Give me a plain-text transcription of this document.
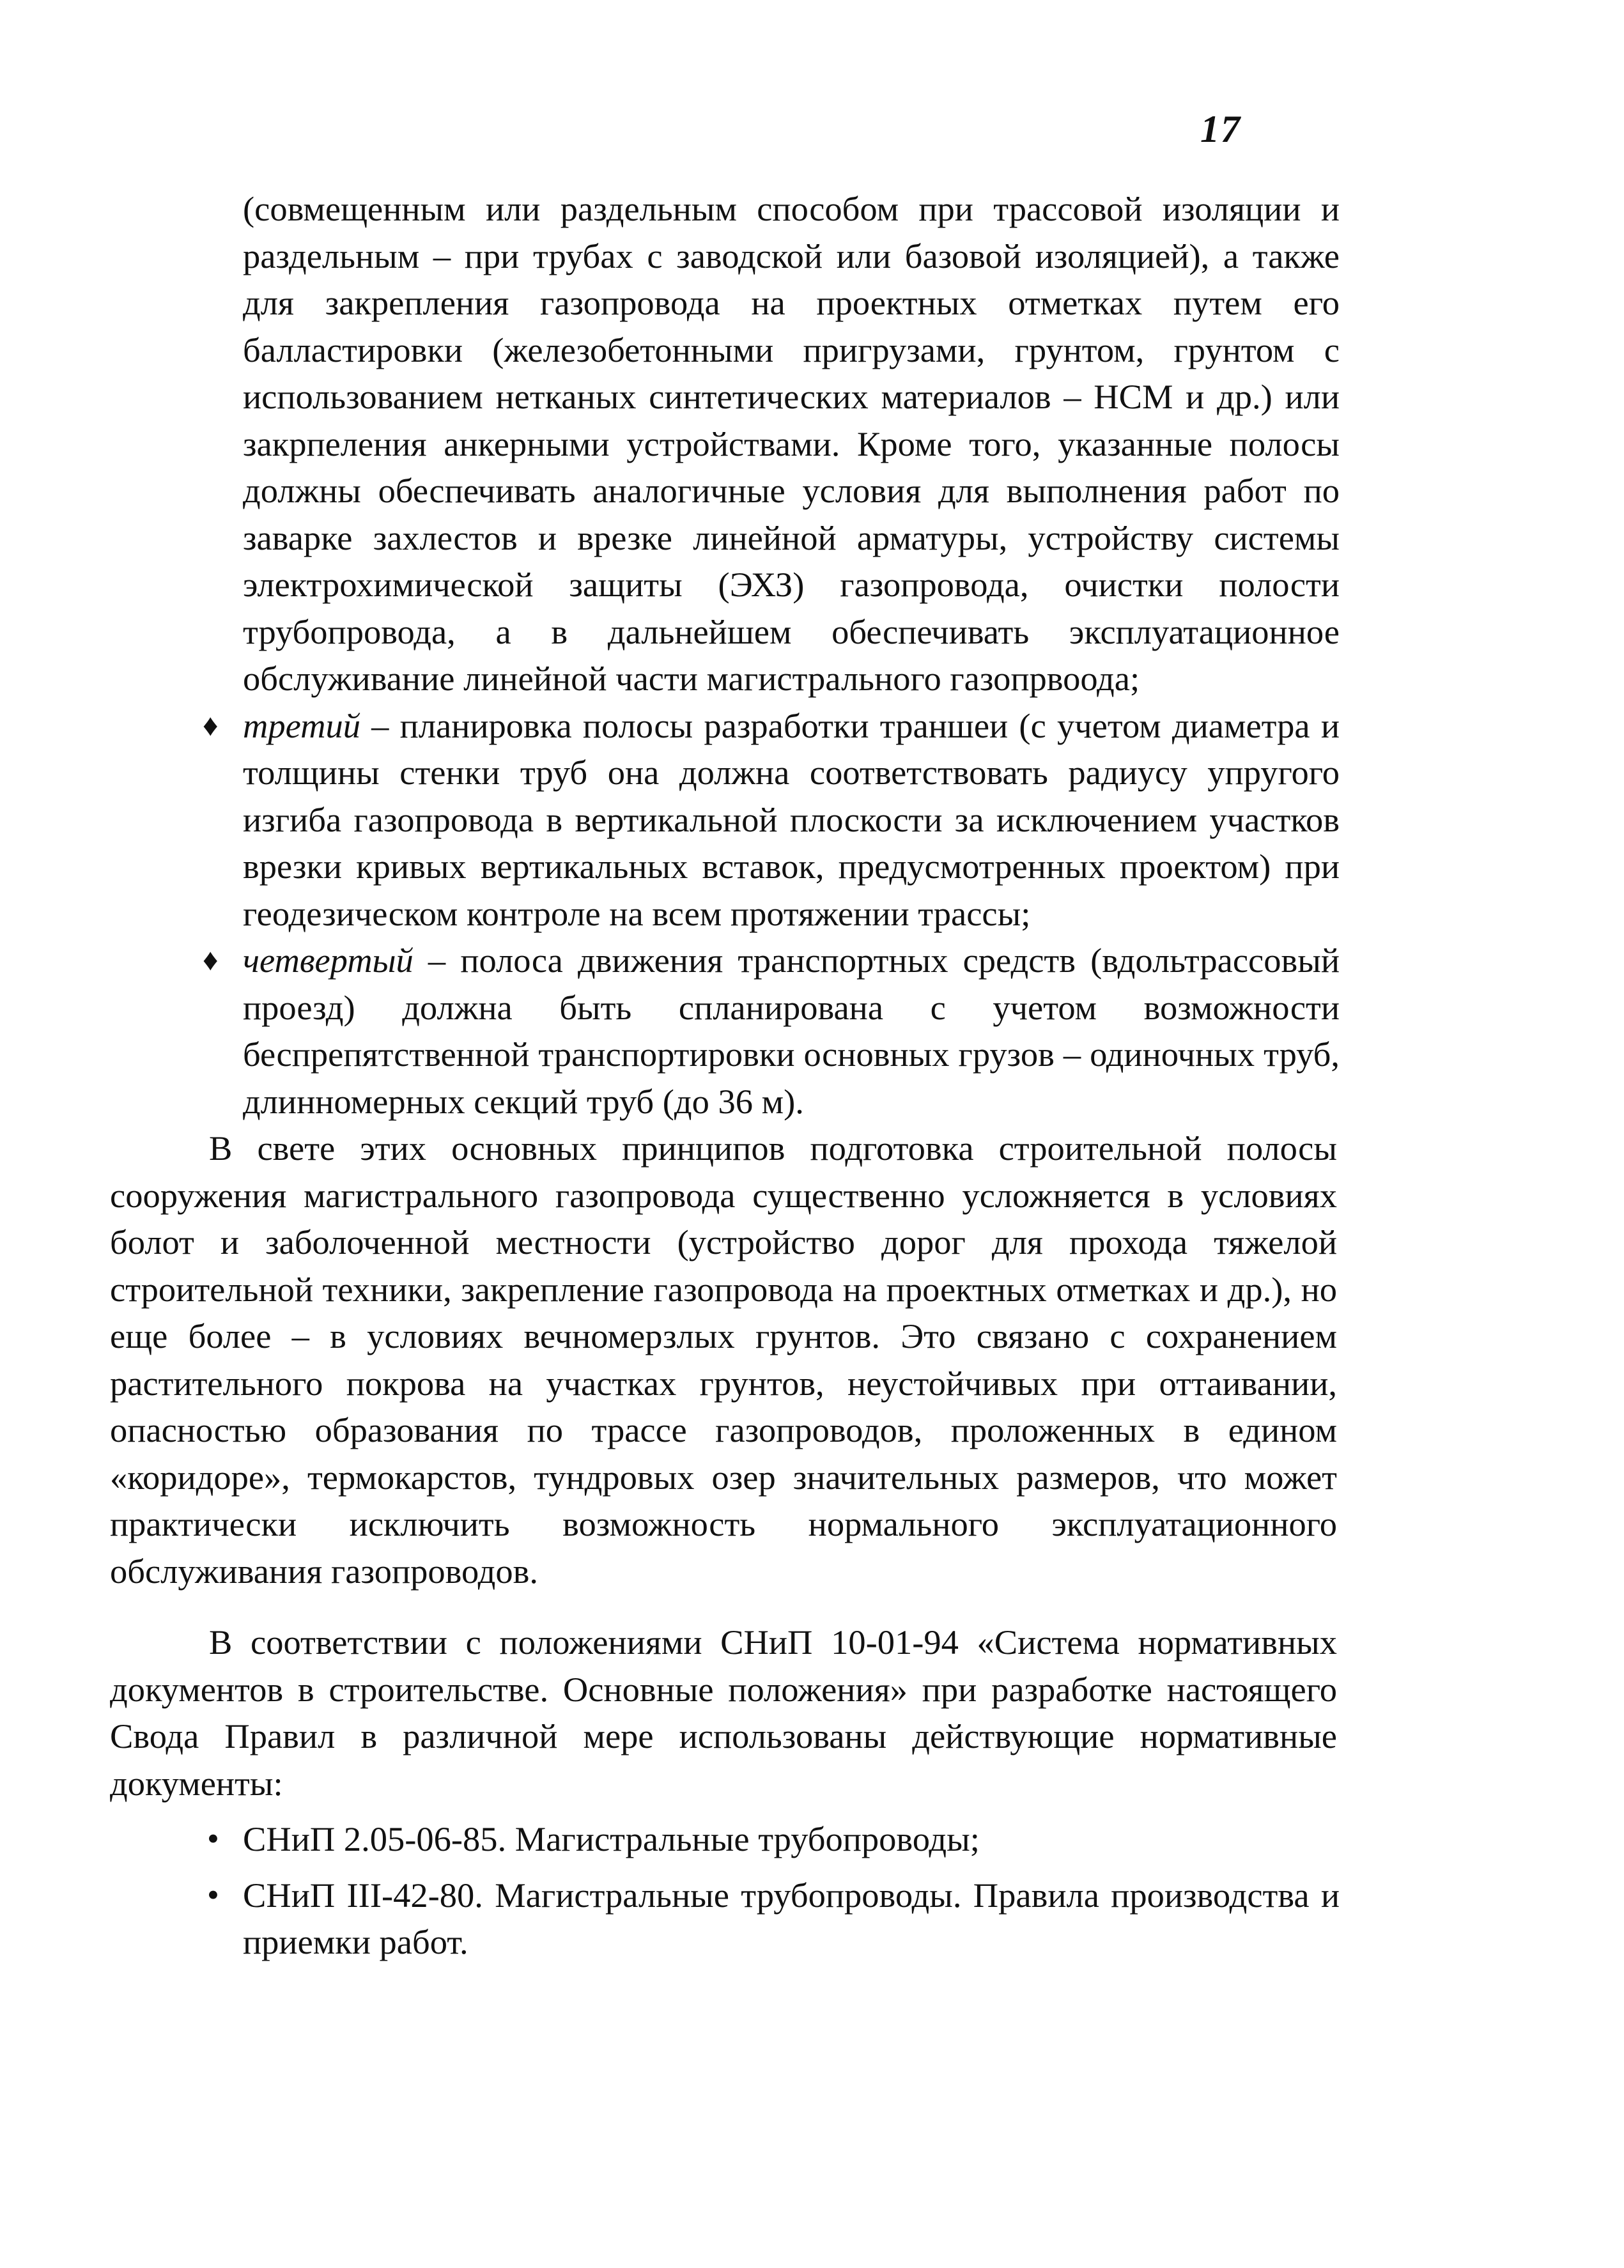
17

(совмещенным или раздельным способом при трассовой изоляции и раздельным – при трубах с заводской или базовой изоляцией), а также для закрепления газопровода на проектных отметках путем его балластировки (железобетонными пригрузами, грунтом, грунтом с использованием нетканых синтетических материалов – НСМ и др.) или закрпеления анкерными устройствами. Кроме того, указанные полосы должны обеспечивать аналогичные условия для выполнения работ по заварке захлестов и врезке линейной арматуры, устройству системы электрохимической защиты (ЭХЗ) газопровода, очистки полости трубопровода, а в дальнейшем обеспечивать эксплуатационное обслуживание линейной части магистрального газопрвоода;

♦ третий – планировка полосы разработки траншеи (с учетом диаметра и толщины стенки труб она должна соответствовать радиусу упругого изгиба газопровода в вертикальной плоскости за исключением участков врезки кривых вертикальных вставок, предусмотренных проектом) при геодезическом контроле на всем протяжении трассы;
♦ четвертый – полоса движения транспортных средств (вдольтрассовый проезд) должна быть спланирована с учетом возможности беспрепятственной транспортировки основных грузов – одиночных труб, длинномерных секций труб (до 36 м).

В свете этих основных принципов подготовка строительной полосы сооружения магистрального газопровода существенно усложняется в условиях болот и заболоченной местности (устройство дорог для прохода тяжелой строительной техники, закрепление газопровода на проектных отметках и др.), но еще более – в условиях вечномерзлых грунтов. Это связано с сохранением растительного покрова на участках грунтов, неустойчивых при оттаивании, опасностью образования по трассе газопроводов, проложенных в едином «коридоре», термокарстов, тундровых озер значительных размеров, что может практически исключить возможность нормального эксплуатационного обслуживания газопроводов.

В соответствии с положениями СНиП 10-01-94 «Система нормативных документов в строительстве. Основные положения» при разработке настоящего Свода Правил в различной мере использованы действующие нормативные документы:

• СНиП 2.05-06-85. Магистральные трубопроводы;
• СНиП III-42-80. Магистральные трубопроводы. Правила производства и приемки работ.
